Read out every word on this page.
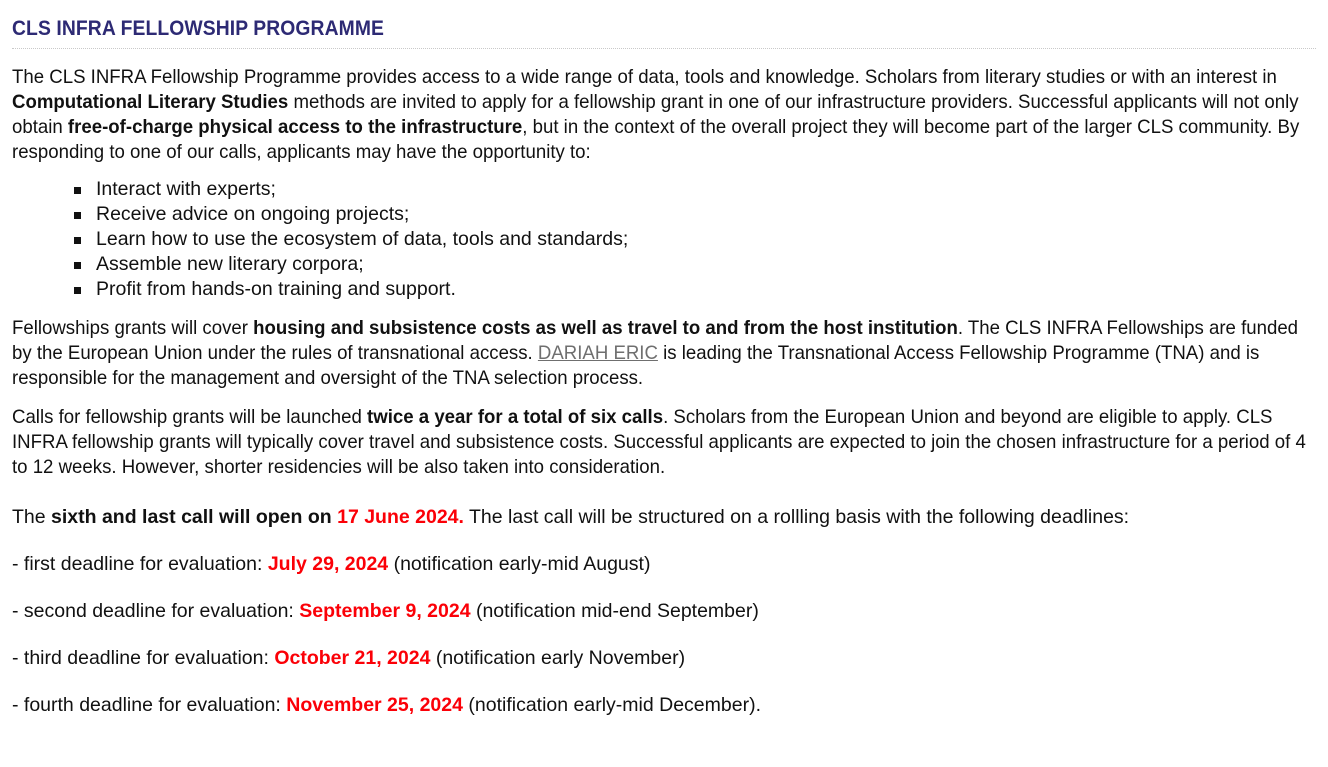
CLS INFRA FELLOWSHIP PROGRAMME

The CLS INFRA Fellowship Programme provides access to a wide range of data, tools and knowledge. Scholars from literary studies or with an interest in Computational Literary Studies methods are invited to apply for a fellowship grant in one of our infrastructure providers. Successful applicants will not only obtain free-of-charge physical access to the infrastructure, but in the context of the overall project they will become part of the larger CLS community. By responding to one of our calls, applicants may have the opportunity to:

Interact with experts;
Receive advice on ongoing projects;
Learn how to use the ecosystem of data, tools and standards;
Assemble new literary corpora;
Profit from hands-on training and support.

Fellowships grants will cover housing and subsistence costs as well as travel to and from the host institution. The CLS INFRA Fellowships are funded by the European Union under the rules of transnational access. DARIAH ERIC is leading the Transnational Access Fellowship Programme (TNA) and is responsible for the management and oversight of the TNA selection process.

Calls for fellowship grants will be launched twice a year for a total of six calls. Scholars from the European Union and beyond are eligible to apply. CLS INFRA fellowship grants will typically cover travel and subsistence costs. Successful applicants are expected to join the chosen infrastructure for a period of 4 to 12 weeks. However, shorter residencies will be also taken into consideration.

The sixth and last call will open on 17 June 2024. The last call will be structured on a rollling basis with the following deadlines:

- first deadline for evaluation: July 29, 2024 (notification early-mid August)

- second deadline for evaluation: September 9, 2024 (notification mid-end September)

- third deadline for evaluation: October 21, 2024 (notification early November)

- fourth deadline for evaluation: November 25, 2024 (notification early-mid December).
